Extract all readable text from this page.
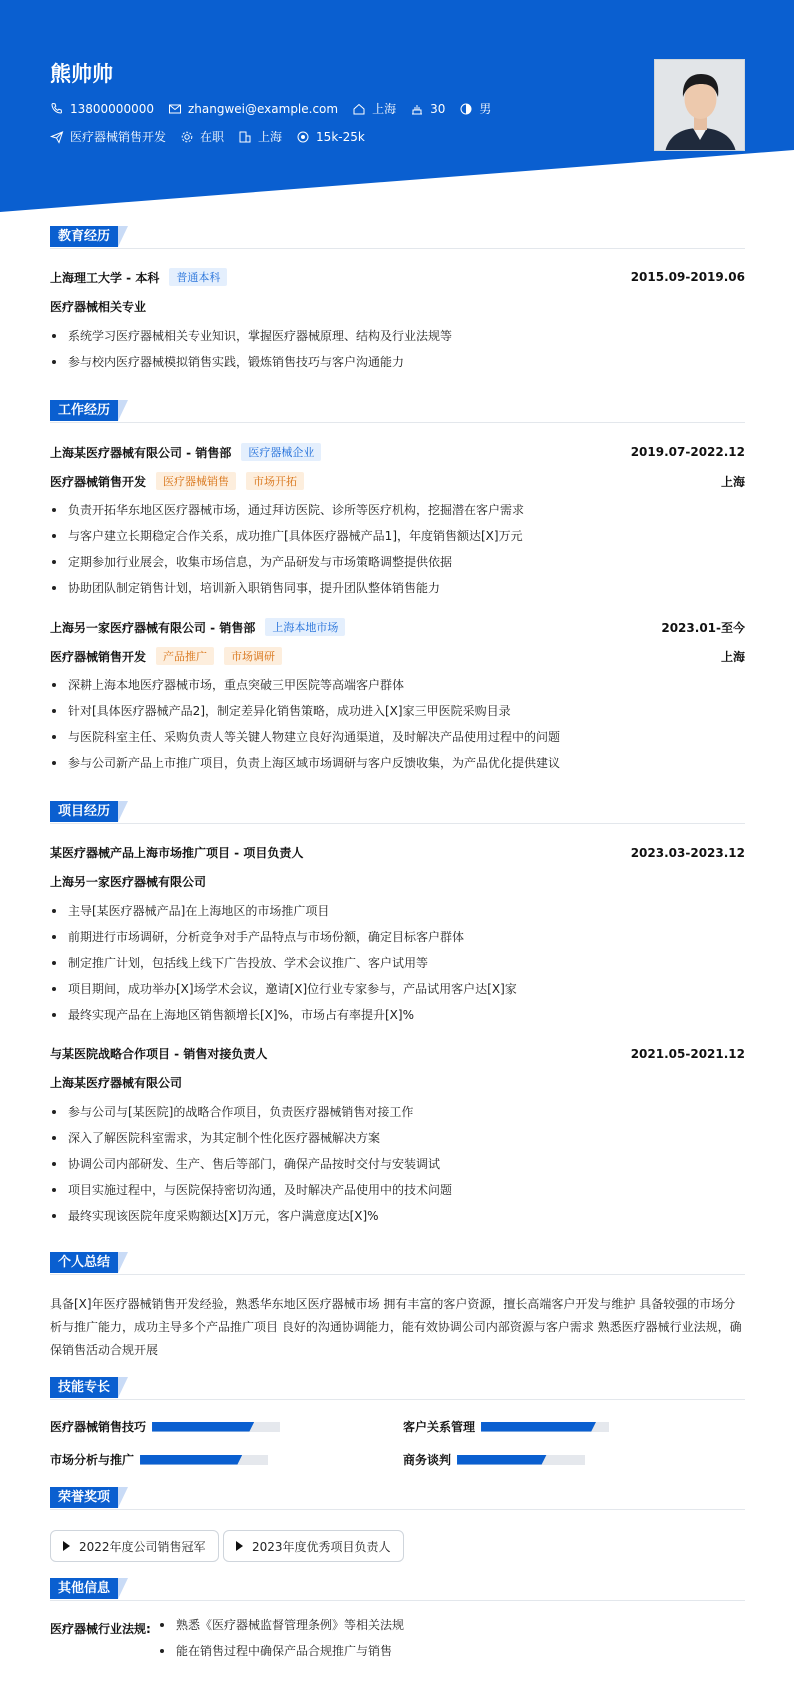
熊帅帅
13800000000	zhangwei@example.com	上海	30	男
医疗器械销售开发	在职	上海	15k-25k
教育经历
上海理工大学 - 本科	普通本科	2015.09-2019.06
医疗器械相关专业
系统学习医疗器械相关专业知识，掌握医疗器械原理、结构及行业法规等
参与校内医疗器械模拟销售实践，锻炼销售技巧与客户沟通能力
工作经历
上海某医疗器械有限公司 - 销售部	医疗器械企业	2019.07-2022.12
医疗器械销售开发	医疗器械销售	市场开拓	上海
负责开拓华东地区医疗器械市场，通过拜访医院、诊所等医疗机构，挖掘潜在客户需求
与客户建立长期稳定合作关系，成功推广[具体医疗器械产品1]，年度销售额达[X]万元
定期参加行业展会，收集市场信息，为产品研发与市场策略调整提供依据
协助团队制定销售计划，培训新入职销售同事，提升团队整体销售能力
上海另一家医疗器械有限公司 - 销售部	上海本地市场	2023.01-至今
医疗器械销售开发	产品推广	市场调研	上海
深耕上海本地医疗器械市场，重点突破三甲医院等高端客户群体
针对[具体医疗器械产品2]，制定差异化销售策略，成功进入[X]家三甲医院采购目录
与医院科室主任、采购负责人等关键人物建立良好沟通渠道，及时解决产品使用过程中的问题
参与公司新产品上市推广项目，负责上海区域市场调研与客户反馈收集，为产品优化提供建议
项目经历
某医疗器械产品上海市场推广项目 - 项目负责人	2023.03-2023.12
上海另一家医疗器械有限公司
主导[某医疗器械产品]在上海地区的市场推广项目
前期进行市场调研，分析竞争对手产品特点与市场份额，确定目标客户群体
制定推广计划，包括线上线下广告投放、学术会议推广、客户试用等
项目期间，成功举办[X]场学术会议，邀请[X]位行业专家参与，产品试用客户达[X]家
最终实现产品在上海地区销售额增长[X]%，市场占有率提升[X]%
与某医院战略合作项目 - 销售对接负责人	2021.05-2021.12
上海某医疗器械有限公司
参与公司与[某医院]的战略合作项目，负责医疗器械销售对接工作
深入了解医院科室需求，为其定制个性化医疗器械解决方案
协调公司内部研发、生产、售后等部门，确保产品按时交付与安装调试
项目实施过程中，与医院保持密切沟通，及时解决产品使用中的技术问题
最终实现该医院年度采购额达[X]万元，客户满意度达[X]%
个人总结
具备[X]年医疗器械销售开发经验，熟悉华东地区医疗器械市场 拥有丰富的客户资源，擅长高端客户开发与维护 具备较强的市场分析与推广能力，成功主导多个产品推广项目 良好的沟通协调能力，能有效协调公司内部资源与客户需求 熟悉医疗器械行业法规，确保销售活动合规开展
技能专长
医疗器械销售技巧	客户关系管理
市场分析与推广	商务谈判
荣誉奖项
2022年度公司销售冠军	2023年度优秀项目负责人
其他信息
医疗器械行业法规:	熟悉《医疗器械监督管理条例》等相关法规
能在销售过程中确保产品合规推广与销售
